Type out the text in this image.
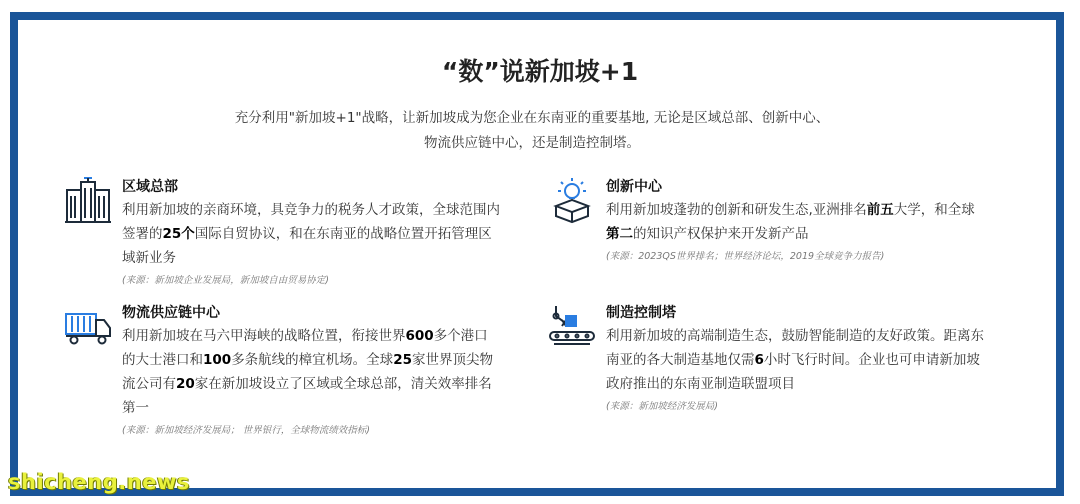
“数”说新加坡+1
充分利用"新加坡+1"战略，让新加坡成为您企业在东南亚的重要基地, 无论是区域总部、创新中心、物流供应链中心，还是制造控制塔。
区域总部
利用新加坡的亲商环境，具竞争力的税务人才政策，全球范围内签署的25个国际自贸协议，和在东南亚的战略位置开拓管理区域新业务
(来源：新加坡企业发展局，新加坡自由贸易协定)
创新中心
利用新加坡蓬勃的创新和研发生态,亚洲排名前五大学，和全球第二的知识产权保护来开发新产品
(来源：2023QS世界排名；世界经济论坛，2019全球竞争力报告)
物流供应链中心
利用新加坡在马六甲海峡的战略位置，衔接世界600多个港口的大士港口和100多条航线的樟宜机场。全球25家世界顶尖物流公司有20家在新加坡设立了区域或全球总部，清关效率排名第一
(来源：新加坡经济发展局； 世界银行，全球物流绩效指标)
制造控制塔
利用新加坡的高端制造生态，鼓励智能制造的友好政策。距离东南亚的各大制造基地仅需6小时飞行时间。企业也可申请新加坡政府推出的东南亚制造联盟项目
(来源：新加坡经济发展局)
shicheng.news
